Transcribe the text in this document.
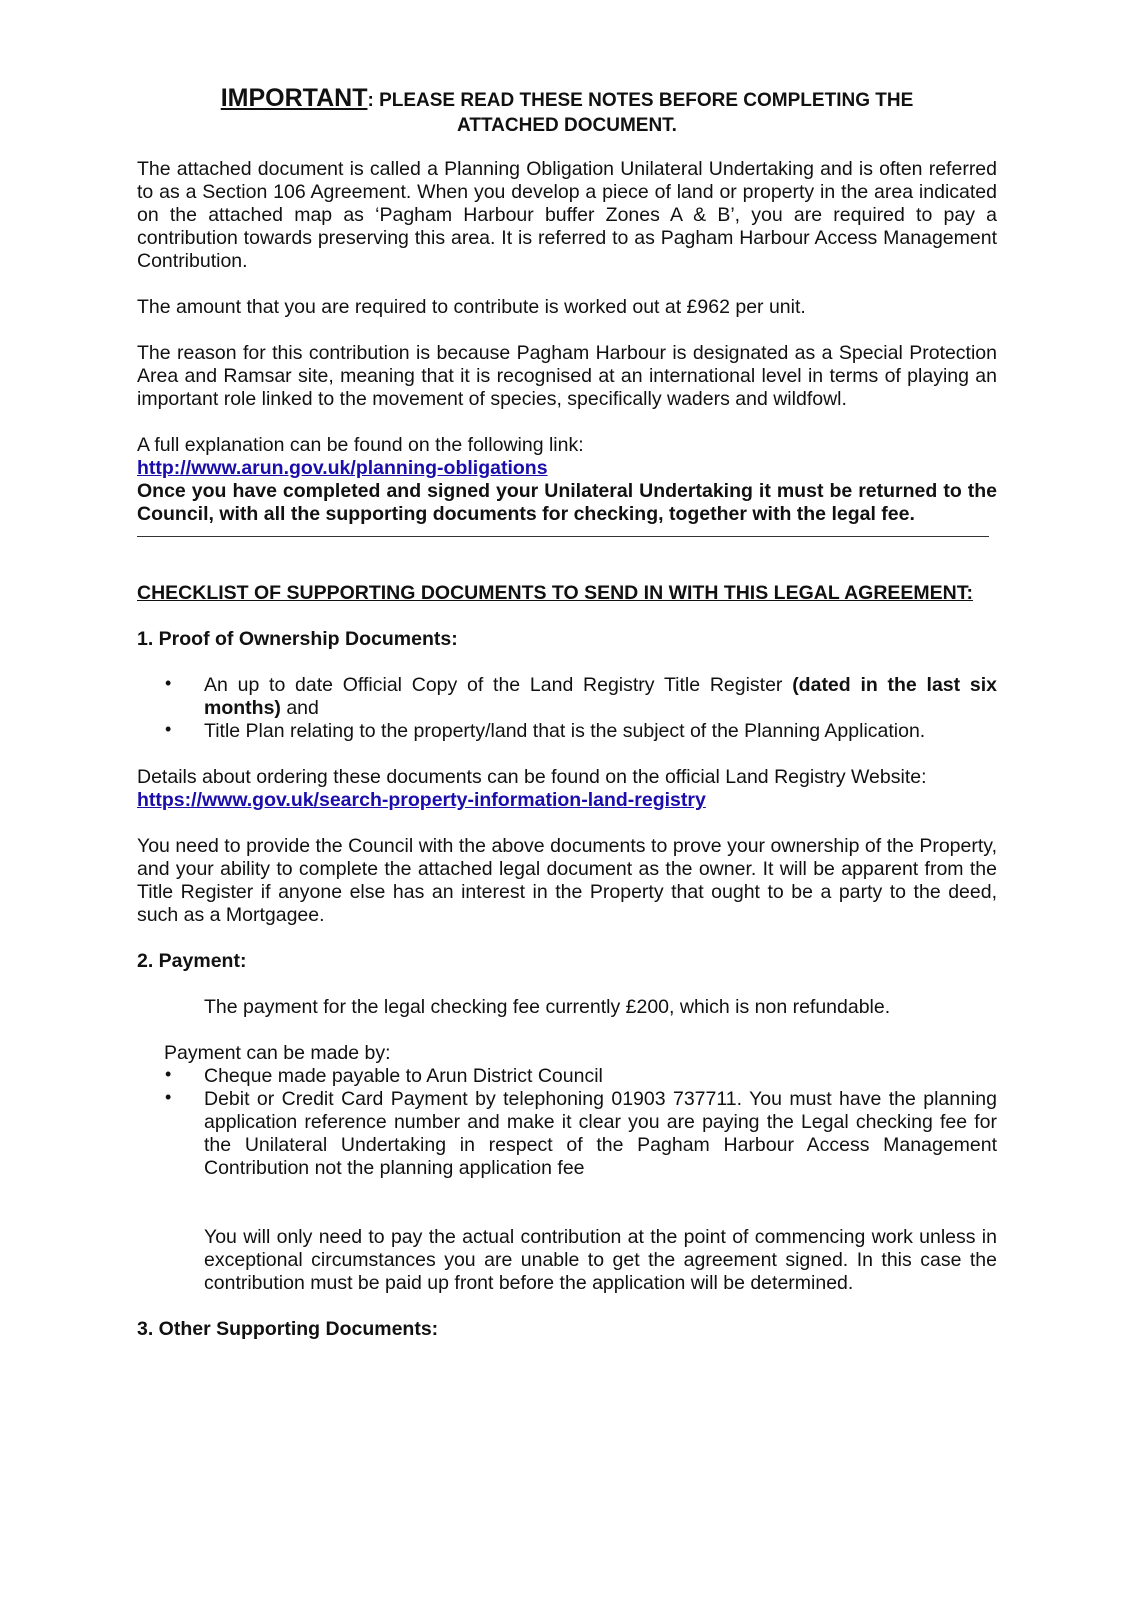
IMPORTANT: PLEASE READ THESE NOTES BEFORE COMPLETING THE
ATTACHED DOCUMENT.

The attached document is called a Planning Obligation Unilateral Undertaking and is often referred to as a Section 106 Agreement. When you develop a piece of land or property in the area indicated on the attached map as ‘Pagham Harbour buffer Zones A & B’, you are required to pay a contribution towards preserving this area. It is referred to as Pagham Harbour Access Management Contribution.

The amount that you are required to contribute is worked out at £962 per unit.

The reason for this contribution is because Pagham Harbour is designated as a Special Protection Area and Ramsar site, meaning that it is recognised at an international level in terms of playing an important role linked to the movement of species, specifically waders and wildfowl.

A full explanation can be found on the following link:

http://www.arun.gov.uk/planning-obligations

Once you have completed and signed your Unilateral Undertaking it must be returned to the Council, with all the supporting documents for checking, together with the legal fee.

CHECKLIST OF SUPPORTING DOCUMENTS TO SEND IN WITH THIS LEGAL AGREEMENT:

1. Proof of Ownership Documents:

• An up to date Official Copy of the Land Registry Title Register (dated in the last six months) and
• Title Plan relating to the property/land that is the subject of the Planning Application.

Details about ordering these documents can be found on the official Land Registry Website:

https://www.gov.uk/search-property-information-land-registry

You need to provide the Council with the above documents to prove your ownership of the Property, and your ability to complete the attached legal document as the owner. It will be apparent from the Title Register if anyone else has an interest in the Property that ought to be a party to the deed, such as a Mortgagee.

2. Payment:

The payment for the legal checking fee currently £200, which is non refundable.

Payment can be made by:

• Cheque made payable to Arun District Council
• Debit or Credit Card Payment by telephoning 01903 737711. You must have the planning application reference number and make it clear you are paying the Legal checking fee for the Unilateral Undertaking in respect of the Pagham Harbour Access Management Contribution not the planning application fee

You will only need to pay the actual contribution at the point of commencing work unless in exceptional circumstances you are unable to get the agreement signed. In this case the contribution must be paid up front before the application will be determined.

3. Other Supporting Documents:
